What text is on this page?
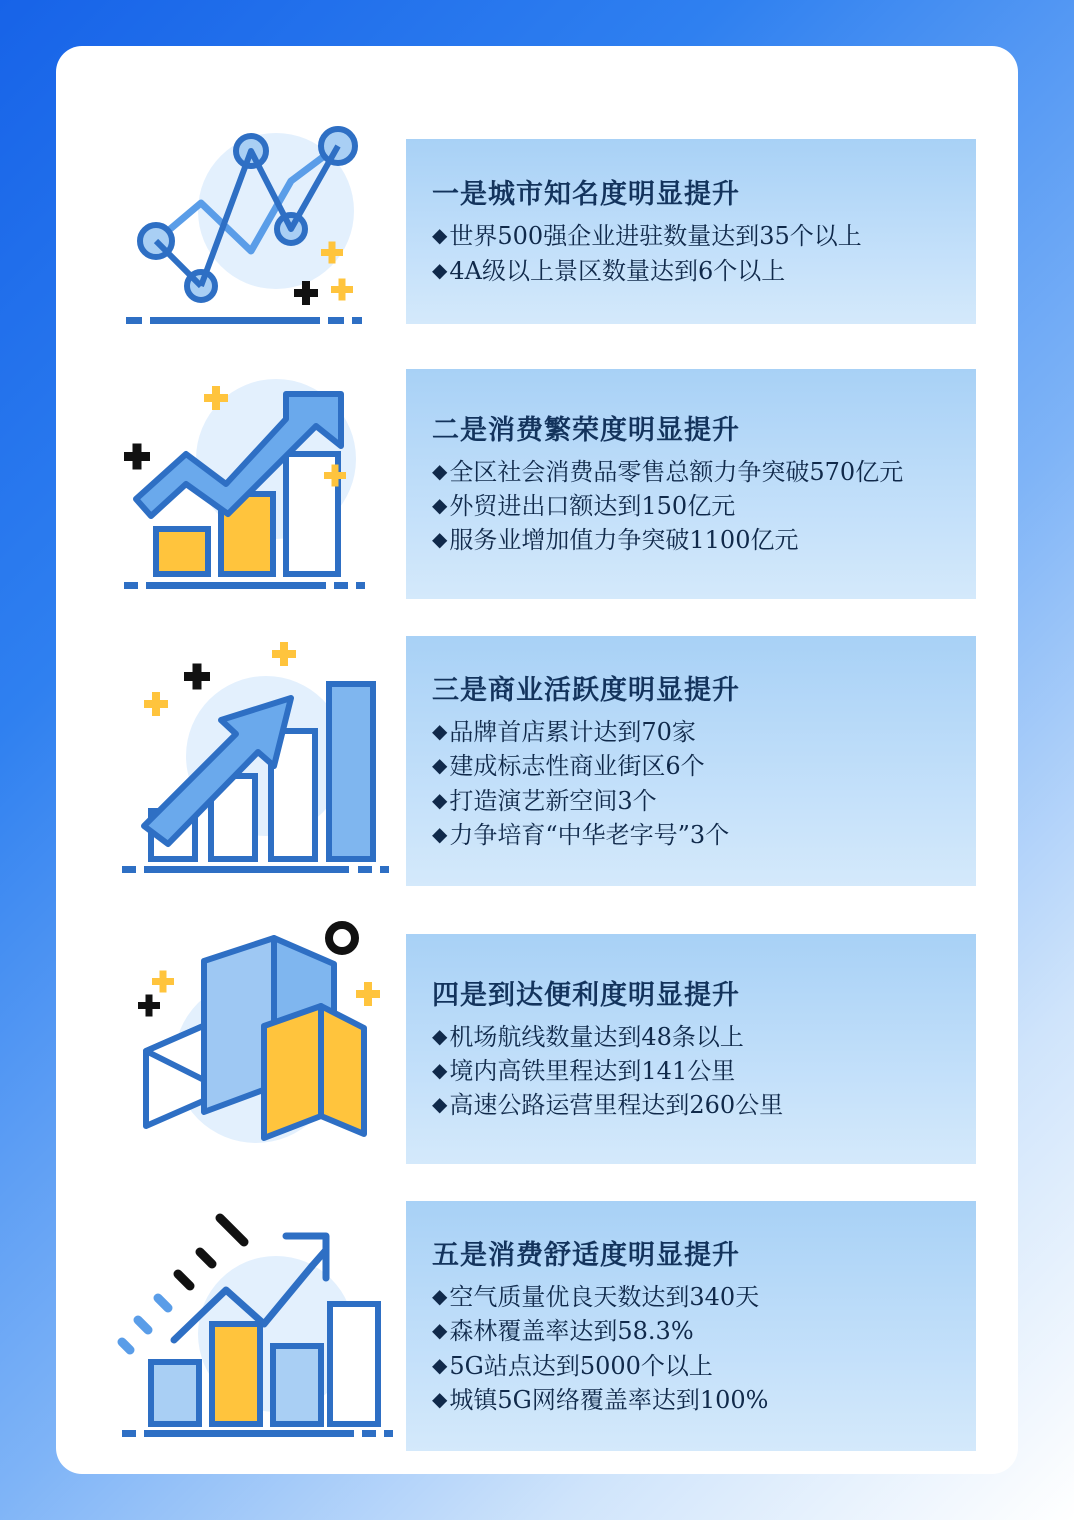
一是城市知名度明显提升
◆ 世界500强企业进驻数量达到35个以上
◆ 4A级以上景区数量达到6个以上
二是消费繁荣度明显提升
◆ 全区社会消费品零售总额力争突破570亿元
◆ 外贸进出口额达到150亿元
◆ 服务业增加值力争突破1100亿元
三是商业活跃度明显提升
◆ 品牌首店累计达到70家
◆ 建成标志性商业街区6个
◆ 打造演艺新空间3个
◆ 力争培育“中华老字号”3个
四是到达便利度明显提升
◆ 机场航线数量达到48条以上
◆ 境内高铁里程达到141公里
◆ 高速公路运营里程达到260公里
五是消费舒适度明显提升
◆ 空气质量优良天数达到340天
◆ 森林覆盖率达到58.3%
◆ 5G站点达到5000个以上
◆ 城镇5G网络覆盖率达到100%
